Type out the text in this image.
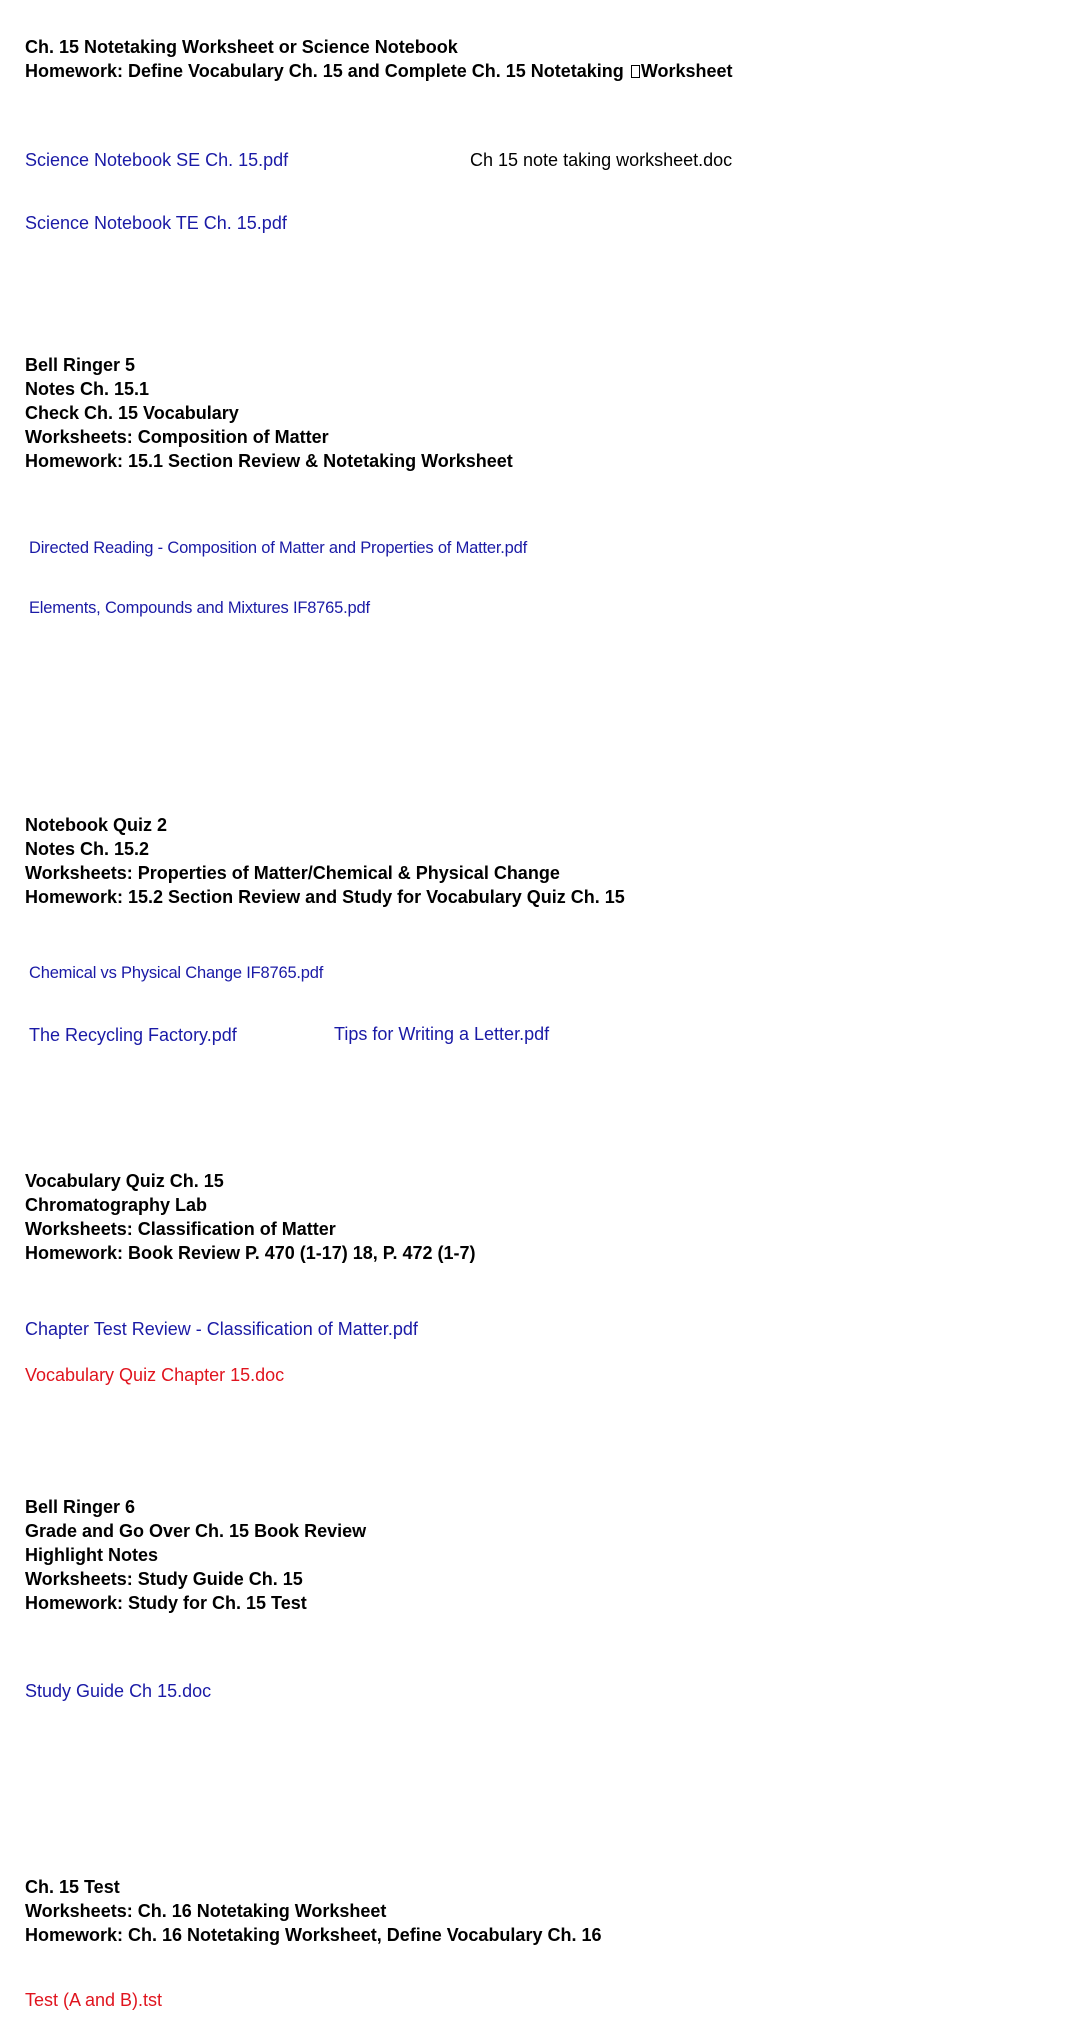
Ch. 15 Notetaking Worksheet or Science Notebook
Homework: Define Vocabulary Ch. 15 and Complete Ch. 15 Notetaking Worksheet
Science Notebook SE Ch. 15.pdf	Ch 15 note taking worksheet.doc
Science Notebook TE Ch. 15.pdf
Bell Ringer 5
Notes Ch. 15.1
Check Ch. 15 Vocabulary
Worksheets: Composition of Matter
Homework: 15.1 Section Review & Notetaking Worksheet
Directed Reading - Composition of Matter and Properties of Matter.pdf
Elements, Compounds and Mixtures IF8765.pdf
Notebook Quiz 2
Notes Ch. 15.2
Worksheets: Properties of Matter/Chemical & Physical Change
Homework: 15.2 Section Review and Study for Vocabulary Quiz Ch. 15
Chemical vs Physical Change IF8765.pdf
The Recycling Factory.pdf	Tips for Writing a Letter.pdf
Vocabulary Quiz Ch. 15
Chromatography Lab
Worksheets: Classification of Matter
Homework: Book Review P. 470 (1-17) 18, P. 472 (1-7)
Chapter Test Review - Classification of Matter.pdf
Vocabulary Quiz Chapter 15.doc
Bell Ringer 6
Grade and Go Over Ch. 15 Book Review
Highlight Notes
Worksheets: Study Guide Ch. 15
Homework: Study for Ch. 15 Test
Study Guide Ch 15.doc
Ch. 15 Test
Worksheets: Ch. 16 Notetaking Worksheet
Homework: Ch. 16 Notetaking Worksheet, Define Vocabulary Ch. 16
Test (A and B).tst
